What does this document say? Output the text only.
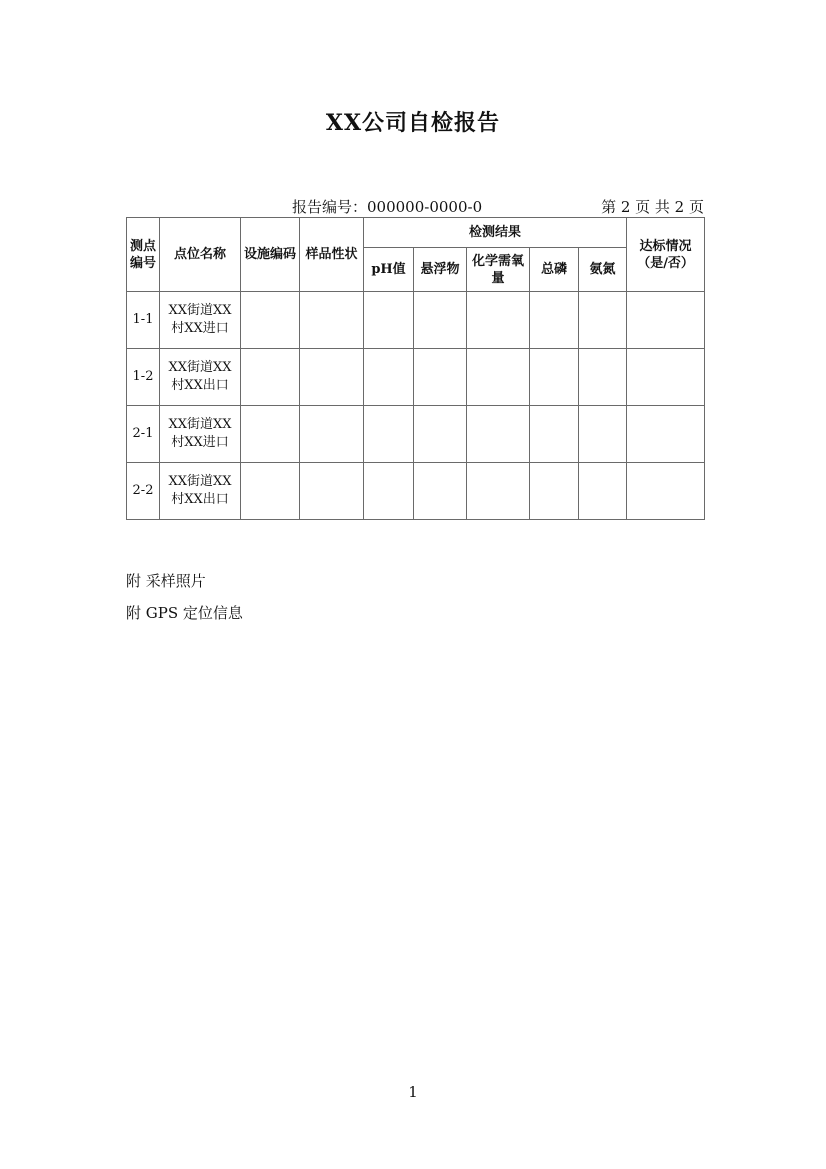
XX公司自检报告
报告编号：000000-0000-0	第 2 页 共 2 页
测点编号	点位名称	设施编码	样品性状	检测结果					达标情况（是/否）
				pH值	悬浮物	化学需氧量	总磷	氨氮	
1-1	XX街道XX村XX进口								
1-2	XX街道XX村XX出口								
2-1	XX街道XX村XX进口								
2-2	XX街道XX村XX出口								
附 采样照片
附 GPS 定位信息
1
